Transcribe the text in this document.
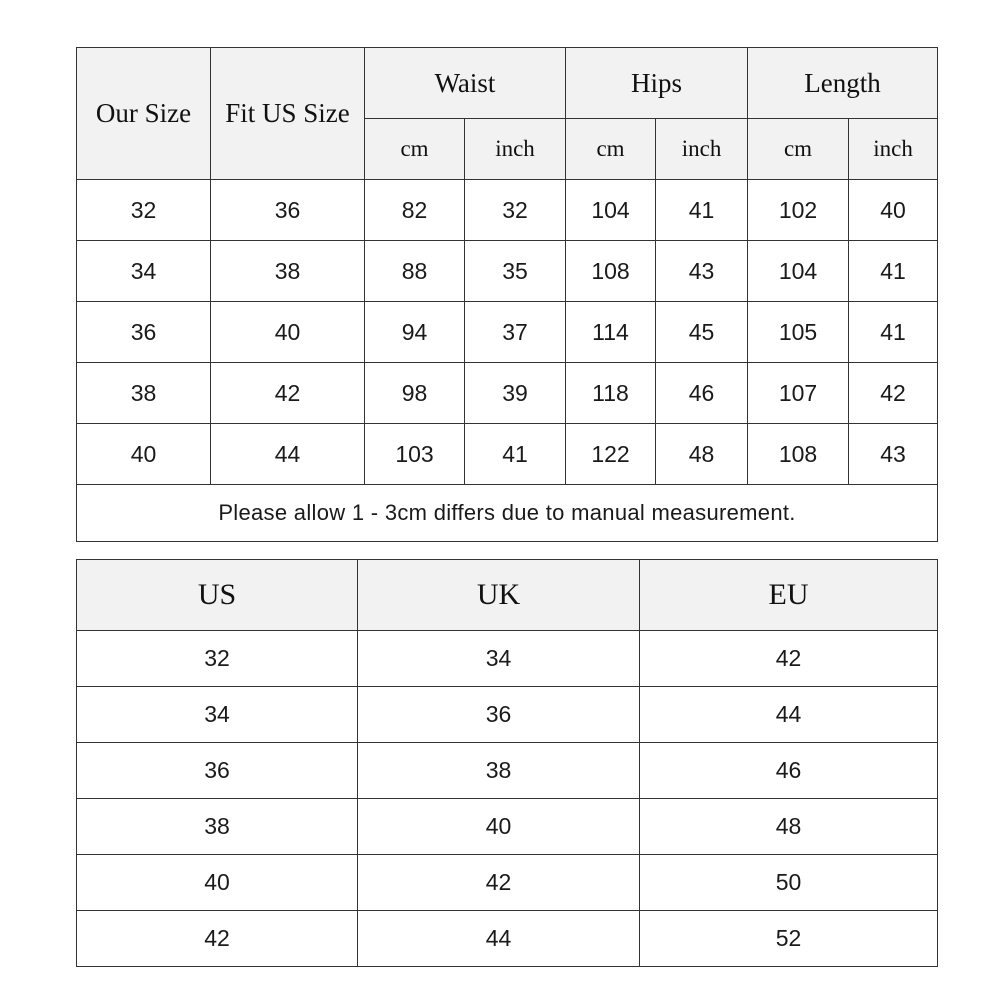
Our Size	Fit US Size	Waist		Hips		Length	
		cm	inch	cm	inch	cm	inch
32	36	82	32	104	41	102	40
34	38	88	35	108	43	104	41
36	40	94	37	114	45	105	41
38	42	98	39	118	46	107	42
40	44	103	41	122	48	108	43
Please allow 1 - 3cm differs due to manual measurement.							
US	UK	EU
32	34	42
34	36	44
36	38	46
38	40	48
40	42	50
42	44	52
